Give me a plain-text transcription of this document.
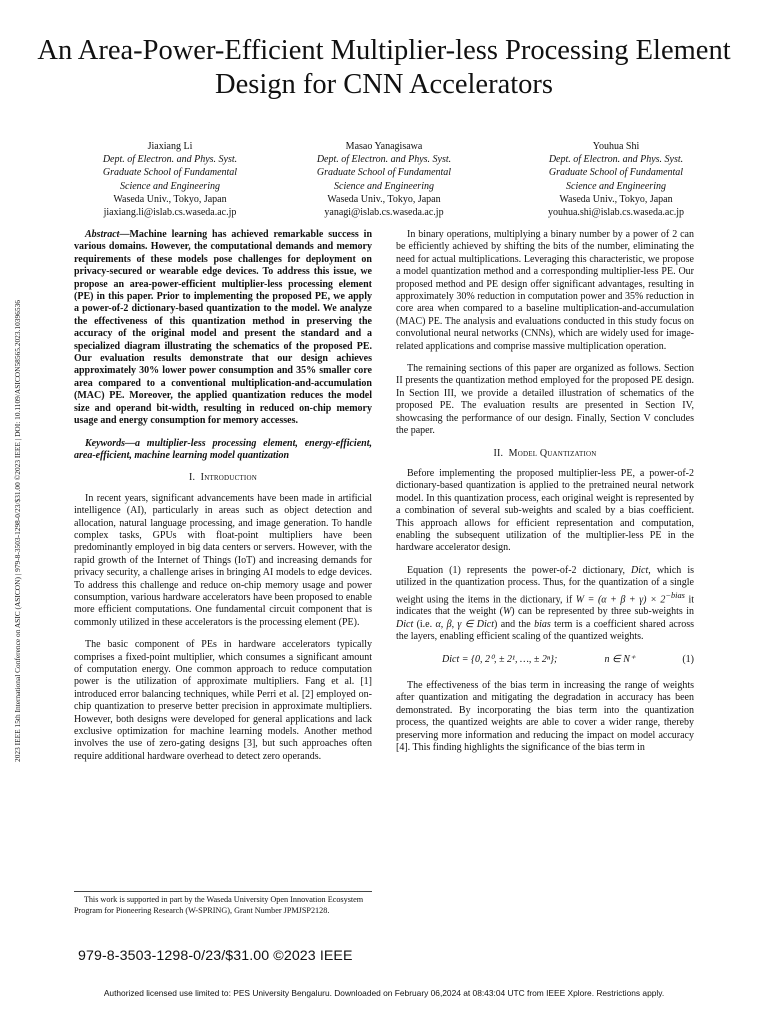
An Area-Power-Efficient Multiplier-less Processing Element Design for CNN Accelerators
Jiaxiang Li
Dept. of Electron. and Phys. Syst.
Graduate School of Fundamental
Science and Engineering
Waseda Univ., Tokyo, Japan
jiaxiang.li@islab.cs.waseda.ac.jp
Masao Yanagisawa
Dept. of Electron. and Phys. Syst.
Graduate School of Fundamental
Science and Engineering
Waseda Univ., Tokyo, Japan
yanagi@islab.cs.waseda.ac.jp
Youhua Shi
Dept. of Electron. and Phys. Syst.
Graduate School of Fundamental
Science and Engineering
Waseda Univ., Tokyo, Japan
youhua.shi@islab.cs.waseda.ac.jp
2023 IEEE 15th International Conference on ASIC (ASICON) | 979-8-3503-1298-0/23/$31.00 ©2023 IEEE | DOI: 10.1109/ASICON58565.2023.10396536

Abstract—Machine learning has achieved remarkable success in various domains. However, the computational demands and memory requirements of these models pose challenges for deployment on privacy-secured or wearable edge devices. To address this issue, we propose an area-power-efficient multiplier-less processing element (PE) in this paper. Prior to implementing the proposed PE, we apply a power-of-2 dictionary-based quantization to the model. We analyze the effectiveness of this quantization method in preserving the accuracy of the original model and present the standard and a specialized diagram illustrating the schematics of the proposed PE. Our evaluation results demonstrate that our design achieves approximately 30% lower power consumption and 35% smaller core area compared to a conventional multiplication-and-accumulation (MAC) PE. Moreover, the applied quantization reduces the model size and operand bit-width, resulting in reduced on-chip memory usage and energy consumption for memory accesses.

Keywords—a multiplier-less processing element, energy-efficient, area-efficient, machine learning model quantization

I. Introduction

In recent years, significant advancements have been made in artificial intelligence (AI), particularly in areas such as object detection and allocation, natural language processing, and image generation. To handle complex tasks, GPUs with float-point multipliers have been predominantly employed in big data centers or servers. However, with the rapid growth of the Internet of Things (IoT) and increasing demands for privacy security, a challenge arises in bringing AI models to edge devices. To address this challenge and reduce on-chip memory usage and power consumption, various hardware accelerators have been proposed to enable more efficient computations. One fundamental circuit component that is commonly utilized in these accelerators is the processing element (PE).

The basic component of PEs in hardware accelerators typically comprises a fixed-point multiplier, which consumes a significant amount of computation energy. One common approach to reduce computation power is the utilization of approximate multipliers. Fang et al. [1] introduced error balancing techniques, while Perri et al. [2] employed on-chip quantization to preserve better precision in approximate multipliers. However, both designs were developed for general applications and lack exclusive optimization for machine learning models. Another method involves the use of zero-gating designs [3], but such approaches often require additional hardware overhead to detect zero operands.

In binary operations, multiplying a binary number by a power of 2 can be efficiently achieved by shifting the bits of the number, eliminating the need for actual multiplications. Leveraging this characteristic, we propose a model quantization method and a corresponding multiplier-less PE. Our proposed method and PE design offer significant advantages, resulting in approximately 30% reduction in computation power and 35% reduction in core area when compared to a baseline multiplication-and-accumulation (MAC) PE. The analysis and evaluations conducted in this study focus on convolutional neural networks (CNNs), which are widely used for image-related applications and comprise massive multiplication operation.

The remaining sections of this paper are organized as follows. Section II presents the quantization method employed for the proposed PE design. In Section III, we provide a detailed illustration of schematics of the proposed PE. The evaluation results are presented in Section IV, showcasing the performance of our design. Finally, Section V concludes the paper.

II. Model Quantization

Before implementing the proposed multiplier-less PE, a power-of-2 dictionary-based quantization is applied to the pretrained neural network model. In this quantization process, each original weight is represented by a combination of several sub-weights and scaled by a bias coefficient. This approach allows for efficient representation and computation, enabling the subsequent utilization of the multiplier-less PE in the hardware accelerator design.

Equation (1) represents the power-of-2 dictionary, Dict, which is utilized in the quantization process. Thus, for the quantization of a single weight using the items in the dictionary, if $W = (\alpha + \beta + \gamma) \times 2^{-bias}$ it indicates that the weight (W) can be represented by three sub-weights in Dict (i.e. α, β, γ ∈ Dict) and the bias term is a coefficient shared across the layers, enabling efficient scaling of the quantized weights.

Dict = {0, 2⁰, ± 2¹, …, ± 2ⁿ};	n ∈ N⁺	(1)

The effectiveness of the bias term in increasing the range of weights after quantization and mitigating the degradation in accuracy has been demonstrated. By incorporating the bias term into the quantization process, the quantized weights are able to cover a wider range, thereby preserving more information and reducing the impact on model accuracy [4]. This finding highlights the significance of the bias term in

This work is supported in part by the Waseda University Open Innovation Ecosystem Program for Pioneering Research (W-SPRING), Grant Number JPMJSP2128.
979-8-3503-1298-0/23/$31.00 ©2023 IEEE
Authorized licensed use limited to: PES University Bengaluru. Downloaded on February 06,2024 at 08:43:04 UTC from IEEE Xplore. Restrictions apply.
